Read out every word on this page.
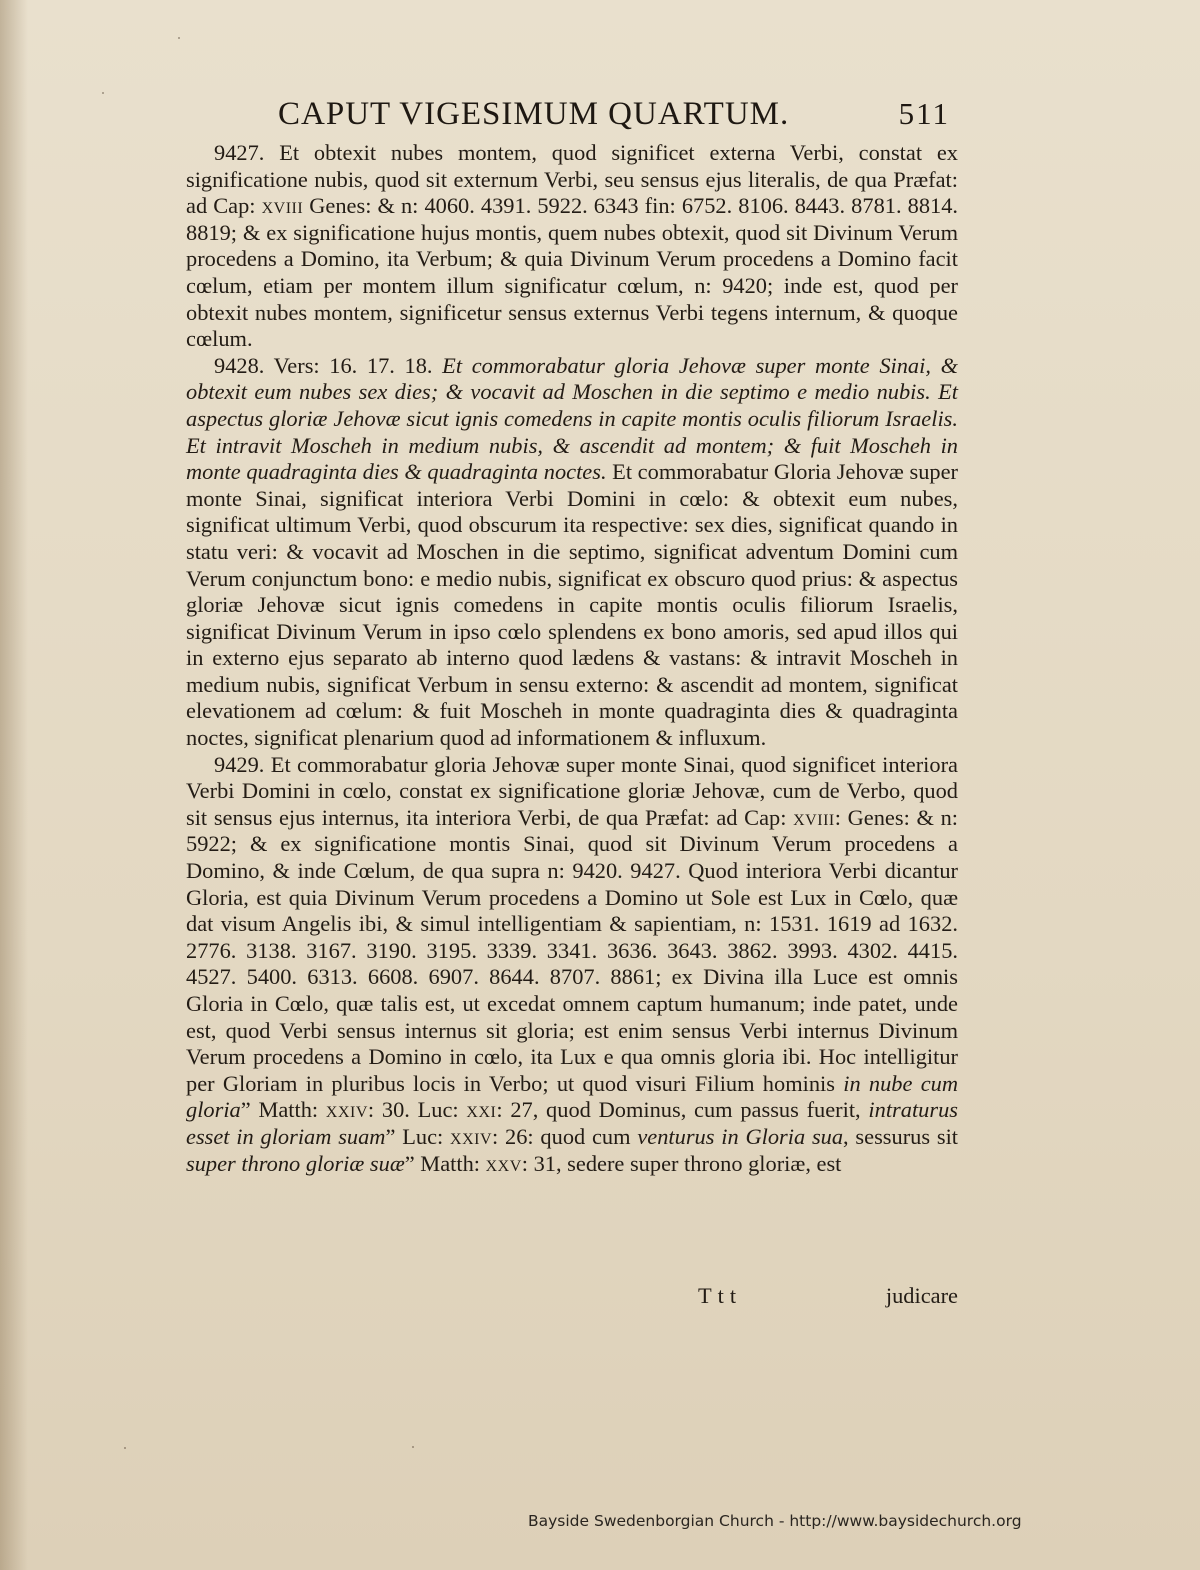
CAPUT VIGESIMUM QUARTUM.	511

9427. Et obtexit nubes montem, quod significet externa Verbi, constat ex significatione nubis, quod sit externum Verbi, seu sensus ejus literalis, de qua Præfat: ad Cap: xviii Genes: & n: 4060. 4391. 5922. 6343 fin: 6752. 8106. 8443. 8781. 8814. 8819; & ex significatione hujus montis, quem nubes obtexit, quod sit Divinum Verum procedens a Domino, ita Verbum; & quia Divinum Verum procedens a Domino facit cœlum, etiam per montem illum significatur cœlum, n: 9420; inde est, quod per obtexit nubes montem, significetur sensus externus Verbi tegens internum, & quoque cœlum.

9428. Vers: 16. 17. 18. Et commorabatur gloria Jehovæ super monte Sinai, & obtexit eum nubes sex dies; & vocavit ad Moschen in die septimo e medio nubis. Et aspectus gloriæ Jehovæ sicut ignis comedens in capite montis oculis filiorum Israelis. Et intravit Moscheh in medium nubis, & ascendit ad montem; & fuit Moscheh in monte quadraginta dies & quadraginta noctes. Et commorabatur Gloria Jehovæ super monte Sinai, significat interiora Verbi Domini in cœlo: & obtexit eum nubes, significat ultimum Verbi, quod obscurum ita respective: sex dies, significat quando in statu veri: & vocavit ad Moschen in die septimo, significat adventum Domini cum Verum conjunctum bono: e medio nubis, significat ex obscuro quod prius: & aspectus gloriæ Jehovæ sicut ignis comedens in capite montis oculis filiorum Israelis, significat Divinum Verum in ipso cœlo splendens ex bono amoris, sed apud illos qui in externo ejus separato ab interno quod lædens & vastans: & intravit Moscheh in medium nubis, significat Verbum in sensu externo: & ascendit ad montem, significat elevationem ad cœlum: & fuit Moscheh in monte quadraginta dies & quadraginta noctes, significat plenarium quod ad informationem & influxum.

9429. Et commorabatur gloria Jehovæ super monte Sinai, quod significet interiora Verbi Domini in cœlo, constat ex significatione gloriæ Jehovæ, cum de Verbo, quod sit sensus ejus internus, ita interiora Verbi, de qua Præfat: ad Cap: xviii: Genes: & n: 5922; & ex significatione montis Sinai, quod sit Divinum Verum procedens a Domino, & inde Cœlum, de qua supra n: 9420. 9427. Quod interiora Verbi dicantur Gloria, est quia Divinum Verum procedens a Domino ut Sole est Lux in Cœlo, quæ dat visum Angelis ibi, & simul intelligentiam & sapientiam, n: 1531. 1619 ad 1632. 2776. 3138. 3167. 3190. 3195. 3339. 3341. 3636. 3643. 3862. 3993. 4302. 4415. 4527. 5400. 6313. 6608. 6907. 8644. 8707. 8861; ex Divina illa Luce est omnis Gloria in Cœlo, quæ talis est, ut excedat omnem captum humanum; inde patet, unde est, quod Verbi sensus internus sit gloria; est enim sensus Verbi internus Divinum Verum procedens a Domino in cœlo, ita Lux e qua omnis gloria ibi. Hoc intelligitur per Gloriam in pluribus locis in Verbo; ut quod visuri Filium hominis in nube cum gloria” Matth: xxiv: 30. Luc: xxi: 27, quod Dominus, cum passus fuerit, intraturus esset in gloriam suam” Luc: xxiv: 26: quod cum venturus in Gloria sua, sessurus sit super throno gloriæ suæ” Matth: xxv: 31, sedere super throno gloriæ, est

Ttt	judicare
Bayside Swedenborgian Church - http://www.baysidechurch.org
